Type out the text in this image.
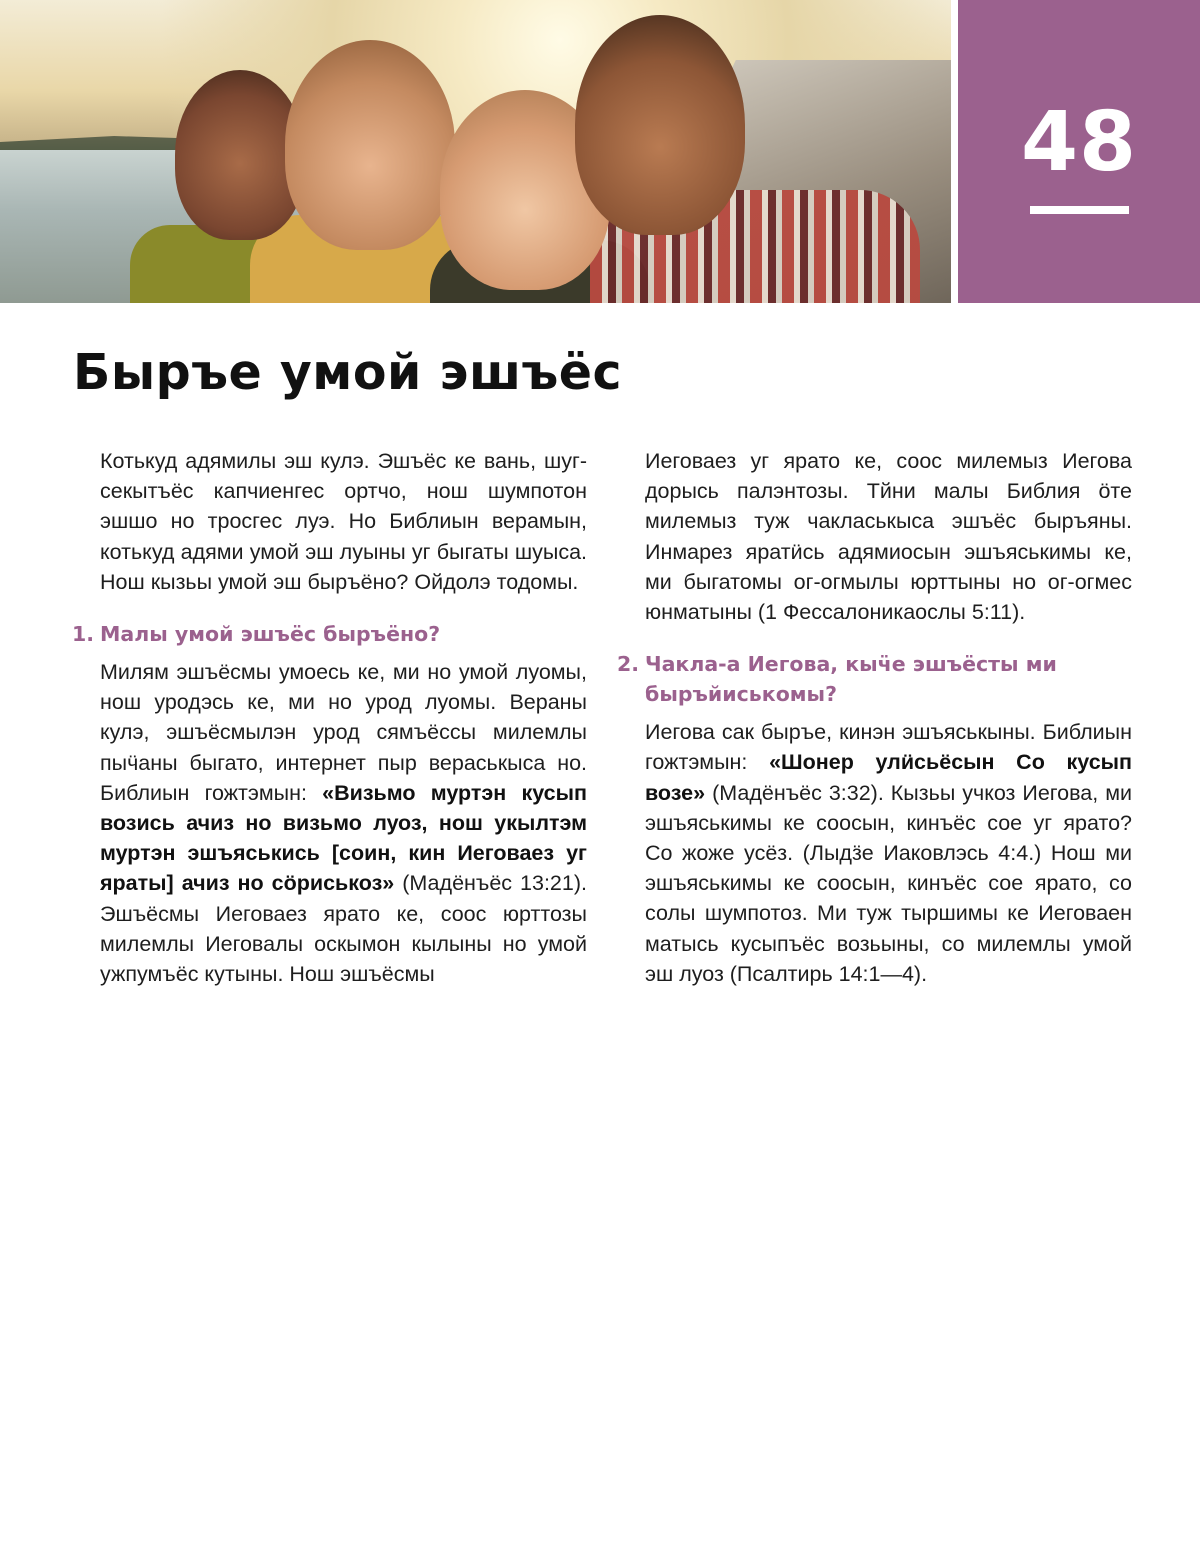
48
Быръе умой эшъёс

Котькуд адямилы эш кулэ. Эшъёс ке вань, шуг-секытъёс капчиенгес ортчо, нош шумпотон эшшо но тросгес луэ. Но Библиын верамын, котькуд адями умой эш луыны уг быгаты шуыса. Нош кызьы умой эш быръёно? Ойдолэ тодомы.

1. Малы умой эшъёс быръёно?

Милям эшъёсмы умоесь ке, ми но умой луомы, нош уродэсь ке, ми но урод луомы. Вераны кулэ, эшъёсмылэн урод сямъёссы милемлы пыӵаны быгато, интернет пыр вераськыса но. Библиын гожтэмын: «Визьмо муртэн кусып возись ачиз но визьмо луоз, нош укылтэм муртэн эшъяськись [соин, кин Иеговаез уг яраты] ачиз но сӧриськоз» (Мадёнъёс 13:21). Эшъёсмы Иеговаез ярато ке, соос юрттозы милемлы Иеговалы оскымон кылыны но умой ужпумъёс кутыны. Нош эшъёсмы

Иеговаез уг ярато ке, соос милемыз Иегова дорысь палэнтозы. Тйни малы Библия ӧте милемыз туж чакласькыса эшъёс быръяны. Инмарез яратӥсь адямиосын эшъяськимы ке, ми быгатомы ог-огмылы юрттыны но ог-огмес юнматыны (1 Фессалоникаослы 5:11).

2. Чакла-а Иегова, кыӵе эшъёсты ми быръйиськомы?

Иегова сак быръе, кинэн эшъяськыны. Библиын гожтэмын: «Шонер улӥсьёсын Со кусып возе» (Мадёнъёс 3:32). Кызьы учкоз Иегова, ми эшъяськимы ке соосын, кинъёс сое уг ярато? Со жоже усёз. (Лыдӟе Иаковлэсь 4:4.) Нош ми эшъяськимы ке соосын, кинъёс сое ярато, со солы шумпотоз. Ми туж тыршимы ке Иеговаен матысь кусыпъёс возьыны, со милемлы умой эш луоз (Псалтирь 14:1—4).
